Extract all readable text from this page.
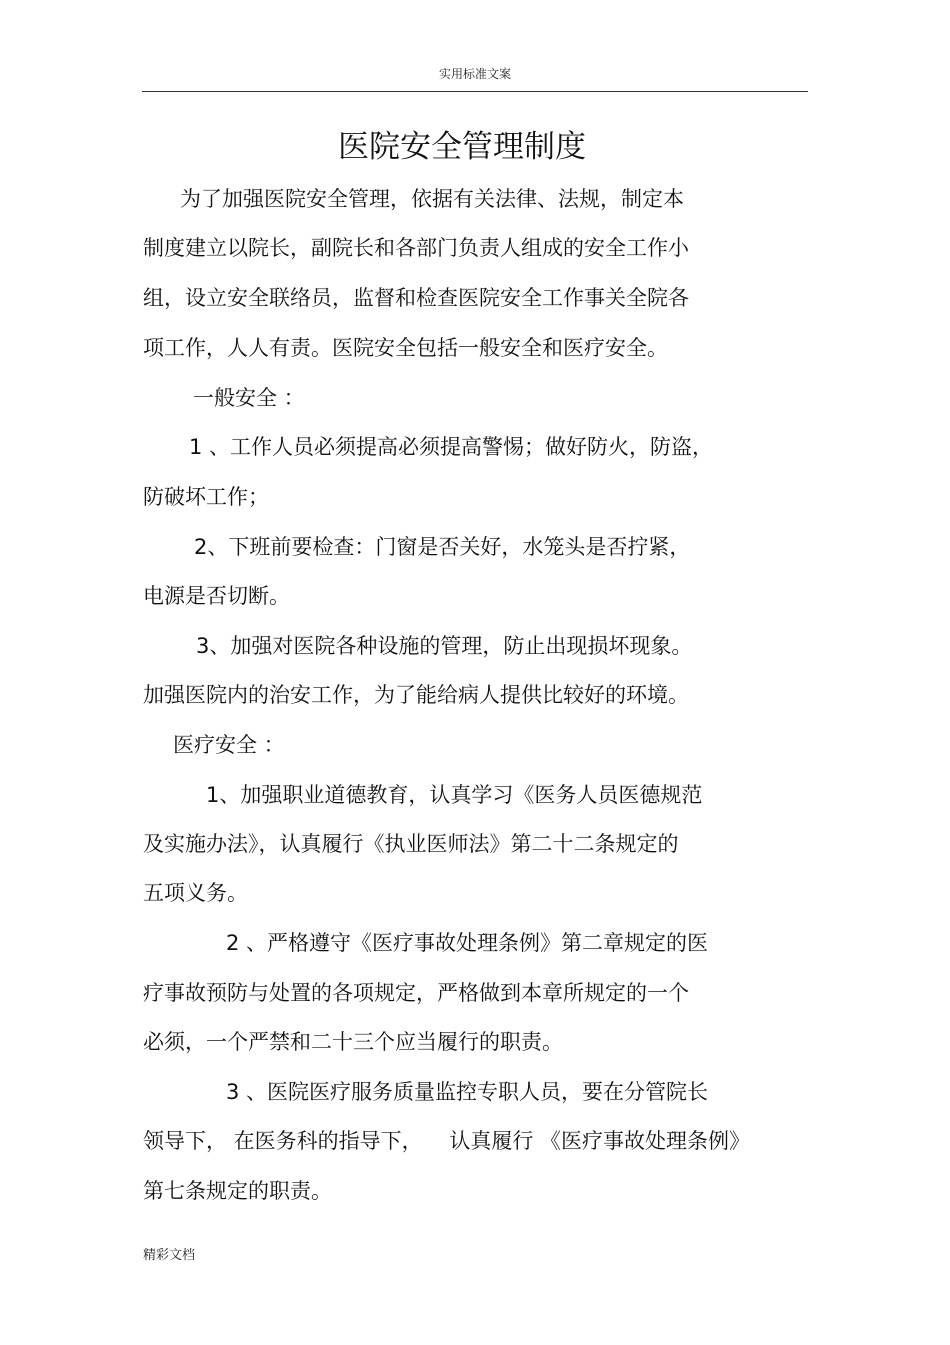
实用标准文案
医院安全管理制度
为了加强医院安全管理，依据有关法律、法规，制定本
制度建立以院长，副院长和各部门负责人组成的安全工作小
组，设立安全联络员，监督和检查医院安全工作事关全院各
项工作，人人有责。医院安全包括一般安全和医疗安全。
一般安全 ：
1 、工作人员必须提高必须提高警惕；做好防火，防盗，
防破坏工作；
2、下班前要检查：门窗是否关好，水笼头是否拧紧，
电源是否切断。
3、加强对医院各种设施的管理，防止出现损坏现象。
加强医院内的治安工作，为了能给病人提供比较好的环境。
医疗安全 ：
1、加强职业道德教育，认真学习《医务人员医德规范
及实施办法》，认真履行《执业医师法》第二十二条规定的
五项义务。
2 、严格遵守《医疗事故处理条例》第二章规定的医
疗事故预防与处置的各项规定，严格做到本章所规定的一个
必须，一个严禁和二十三个应当履行的职责。
3 、医院医疗服务质量监控专职人员，要在分管院长
领导下， 在医务科的指导下，    认真履行 《医疗事故处理条例》
第七条规定的职责。
精彩文档
